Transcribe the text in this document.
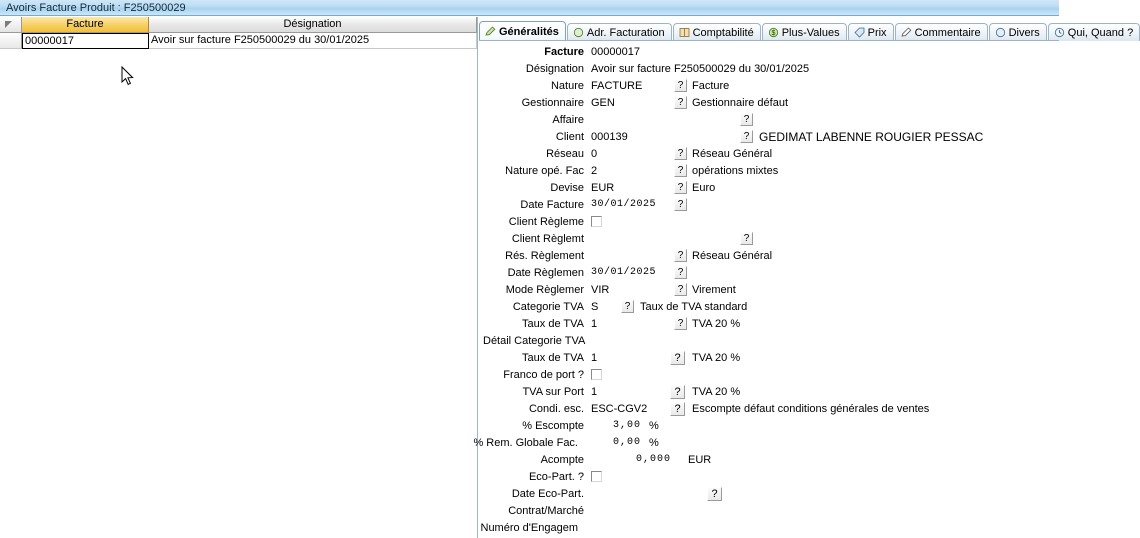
Avoirs Facture Produit : F250500029
Facture	Désignation
00000017	Avoir sur facture F250500029 du 30/01/2025
Généralités	Adr. Facturation	Comptabilité	$ Plus-Values	Prix	Commentaire	Divers	Qui, Quand ?
Facture 00000017
Désignation Avoir sur facture F250500029 du 30/01/2025
Nature FACTURE	? Facture
Gestionnaire GEN	? Gestionnaire défaut
Affaire	?
Client 000139	? GEDIMAT LABENNE ROUGIER PESSAC
Réseau 0	? Réseau Général
Nature opé. Fac 2	? opérations mixtes
Devise EUR	? Euro
Date Facture 30/01/2025	?
Client Règleme
Client Règlemt	?
Rés. Règlement	? Réseau Général
Date Règlemen 30/01/2025	?
Mode Règlemer VIR	? Virement
Categorie TVA S	? Taux de TVA standard
Taux de TVA 1	? TVA 20 %
Détail Categorie TVA
Taux de TVA 1	?	TVA 20 %
Franco de port ?
TVA sur Port 1	?	TVA 20 %
Condi. esc. ESC-CGV2	?	Escompte défaut conditions générales de ventes
% Escompte	3,00 %
% Rem. Globale Fac.	0,00 %
Acompte	0,000 EUR
Eco-Part. ?
Date Eco-Part.	?
Contrat/Marché
Numéro d'Engagem
